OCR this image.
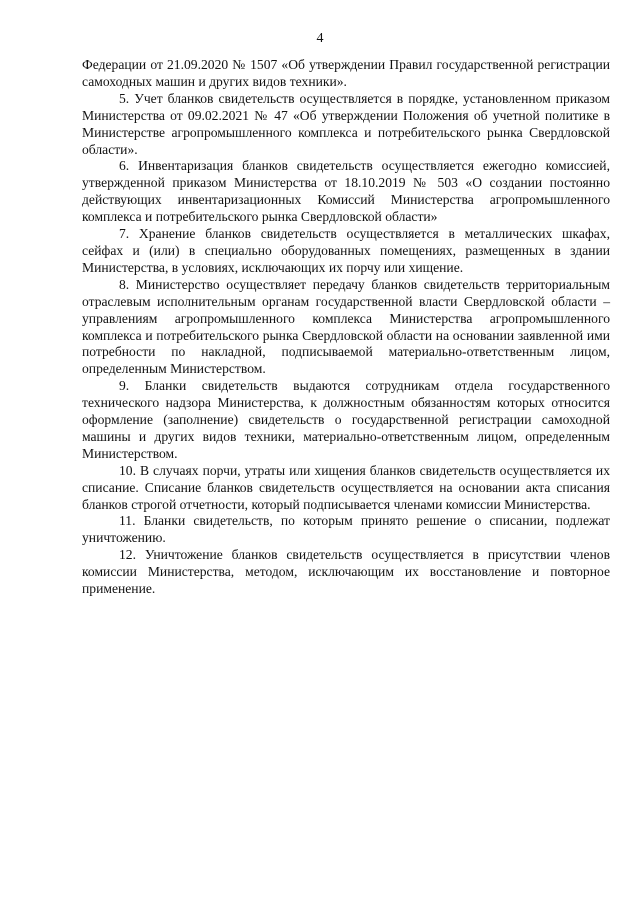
4

Федерации от 21.09.2020 № 1507 «Об утверждении Правил государственной регистрации самоходных машин и других видов техники».

5. Учет бланков свидетельств осуществляется в порядке, установленном приказом Министерства от 09.02.2021 № 47 «Об утверждении Положения об учетной политике в Министерстве агропромышленного комплекса и потребительского рынка Свердловской области».

6. Инвентаризация бланков свидетельств осуществляется ежегодно комиссией, утвержденной приказом Министерства от 18.10.2019 № 503 «О создании постоянно действующих инвентаризационных Комиссий Министерства агропромышленного комплекса и потребительского рынка Свердловской области»

7. Хранение бланков свидетельств осуществляется в металлических шкафах, сейфах и (или) в специально оборудованных помещениях, размещенных в здании Министерства, в условиях, исключающих их порчу или хищение.

8. Министерство осуществляет передачу бланков свидетельств территориальным отраслевым исполнительным органам государственной власти Свердловской области – управлениям агропромышленного комплекса Министерства агропромышленного комплекса и потребительского рынка Свердловской области на основании заявленной ими потребности по накладной, подписываемой материально-ответственным лицом, определенным Министерством.

9. Бланки свидетельств выдаются сотрудникам отдела государственного технического надзора Министерства, к должностным обязанностям которых относится оформление (заполнение) свидетельств о государственной регистрации самоходной машины и других видов техники, материально-ответственным лицом, определенным Министерством.

10. В случаях порчи, утраты или хищения бланков свидетельств осуществляется их списание. Списание бланков свидетельств осуществляется на основании акта списания бланков строгой отчетности, который подписывается членами комиссии Министерства.

11. Бланки свидетельств, по которым принято решение о списании, подлежат уничтожению.

12. Уничтожение бланков свидетельств осуществляется в присутствии членов комиссии Министерства, методом, исключающим их восстановление и повторное применение.
